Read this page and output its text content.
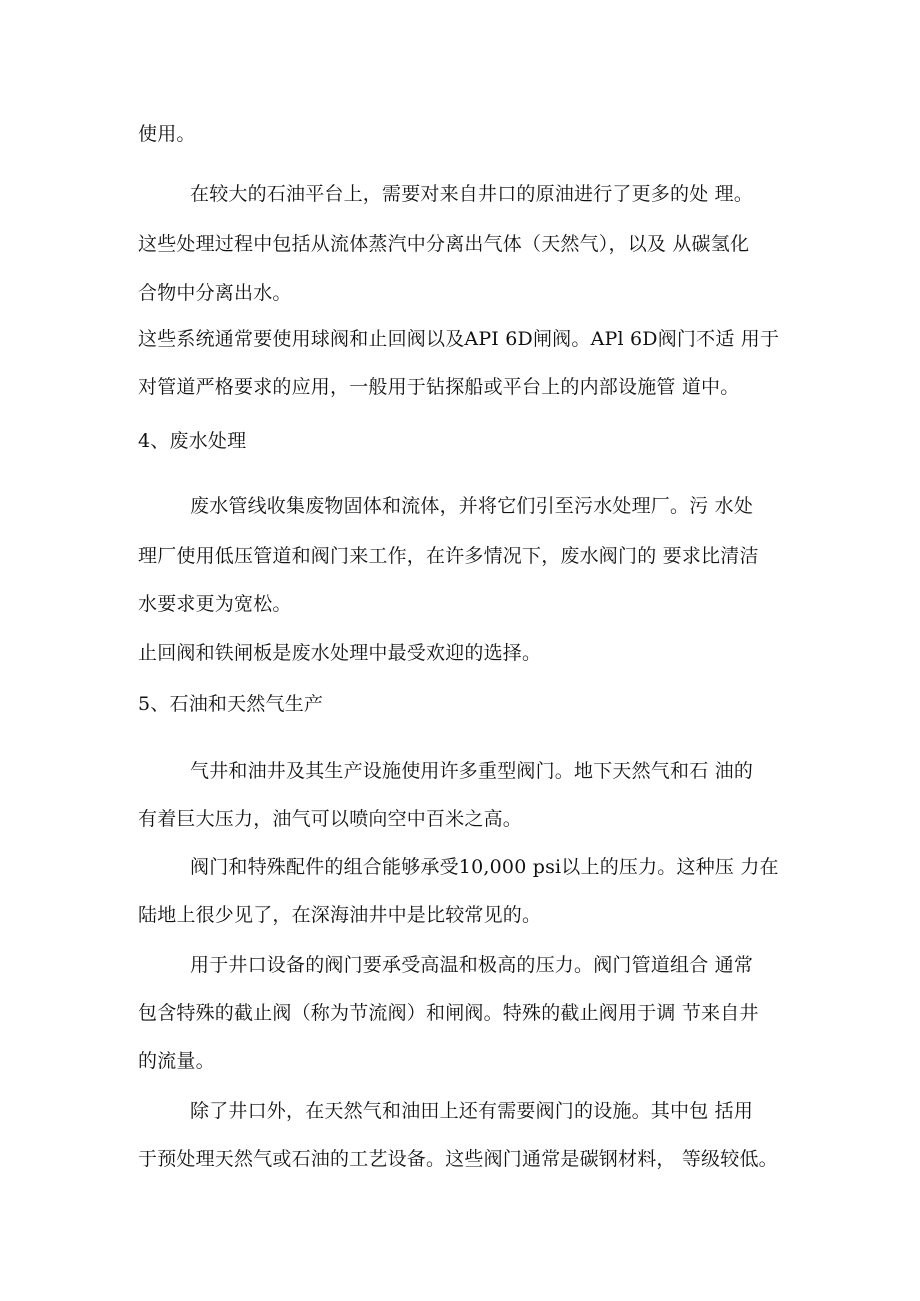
使用。
在较大的石油平台上，需要对来自井口的原油进行了更多的处 理。
这些处理过程中包括从流体蒸汽中分离出气体（天然气），以及 从碳氢化
合物中分离出水。
这些系统通常要使用球阀和止回阀以及API 6D闸阀。APl 6D阀门不适 用于
对管道严格要求的应用，一般用于钻探船或平台上的内部设施管 道中。
4、废水处理
废水管线收集废物固体和流体，并将它们引至污水处理厂。污 水处
理厂使用低压管道和阀门来工作，在许多情况下，废水阀门的 要求比清洁
水要求更为宽松。
止回阀和铁闸板是废水处理中最受欢迎的选择。
5、石油和天然气生产
气井和油井及其生产设施使用许多重型阀门。地下天然气和石 油的
有着巨大压力，油气可以喷向空中百米之高。
阀门和特殊配件的组合能够承受10,000 psi以上的压力。这种压 力在
陆地上很少见了，在深海油井中是比较常见的。
用于井口设备的阀门要承受高温和极高的压力。阀门管道组合 通常
包含特殊的截止阀（称为节流阀）和闸阀。特殊的截止阀用于调 节来自井
的流量。
除了井口外，在天然气和油田上还有需要阀门的设施。其中包 括用
于预处理天然气或石油的工艺设备。这些阀门通常是碳钢材料， 等级较低。
